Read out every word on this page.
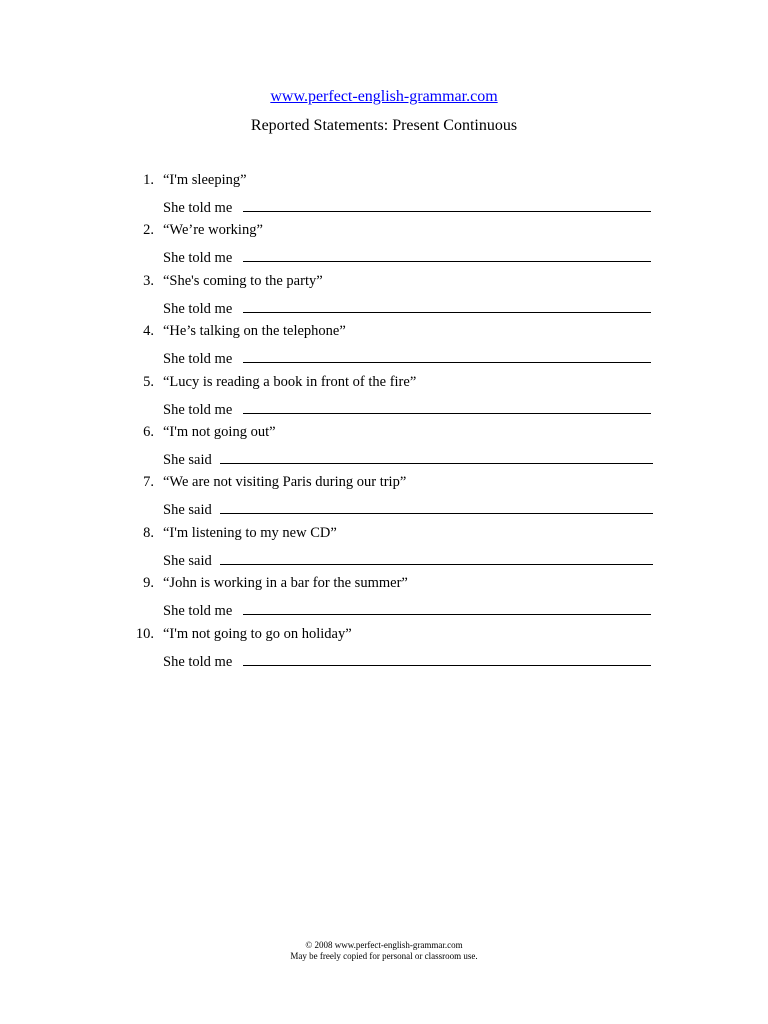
www.perfect-english-grammar.com
Reported Statements: Present Continuous
1. “I'm sleeping”
She told me
2. “We’re working”
She told me
3. “She's coming to the party”
She told me
4. “He’s talking on the telephone”
She told me
5. “Lucy is reading a book in front of the fire”
She told me
6. “I'm not going out”
She said
7. “We are not visiting Paris during our trip”
She said
8. “I'm listening to my new CD”
She said
9. “John is working in a bar for the summer”
She told me
10. “I'm not going to go on holiday”
She told me
© 2008 www.perfect-english-grammar.com
May be freely copied for personal or classroom use.
